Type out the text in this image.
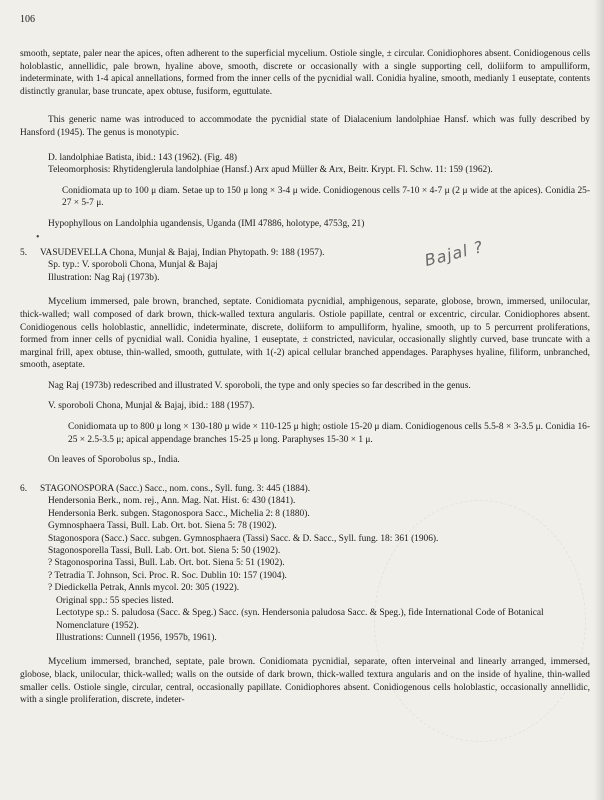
106

smooth, septate, paler near the apices, often adherent to the superficial mycelium. Ostiole single, ± circular. Conidiophores absent. Conidiogenous cells holoblastic, annellidic, pale brown, hyaline above, smooth, discrete or occasionally with a single supporting cell, doliiform to ampulliform, indeterminate, with 1-4 apical annellations, formed from the inner cells of the pycnidial wall. Conidia hyaline, smooth, medianly 1 euseptate, contents distinctly granular, base truncate, apex obtuse, fusiform, eguttulate.

This generic name was introduced to accommodate the pycnidial state of Dialacenium landolphiae Hansf. which was fully described by Hansford (1945). The genus is monotypic.

D. landolphiae Batista, ibid.: 143 (1962). (Fig. 48)

Teleomorphosis: Rhytidenglerula landolphiae (Hansf.) Arx apud Müller & Arx, Beitr. Krypt. Fl. Schw. 11: 159 (1962).

Conidiomata up to 100 μ diam. Setae up to 150 μ long × 3-4 μ wide. Conidiogenous cells 7-10 × 4-7 μ (2 μ wide at the apices). Conidia 25-27 × 5-7 μ.

Hypophyllous on Landolphia ugandensis, Uganda (IMI 47886, holotype, 4753g, 21)

5. VASUDEVELLA Chona, Munjal & Bajaj, Indian Phytopath. 9: 188 (1957).

Sp. typ.: V. sporoboli Chona, Munjal & Bajaj

Illustration: Nag Raj (1973b).

Mycelium immersed, pale brown, branched, septate. Conidiomata pycnidial, amphigenous, separate, globose, brown, immersed, unilocular, thick-walled; wall composed of dark brown, thick-walled textura angularis. Ostiole papillate, central or excentric, circular. Conidiophores absent. Conidiogenous cells holoblastic, annellidic, indeterminate, discrete, doliiform to ampulliform, hyaline, smooth, up to 5 percurrent proliferations, formed from inner cells of pycnidial wall. Conidia hyaline, 1 euseptate, ± constricted, navicular, occasionally slightly curved, base truncate with a marginal frill, apex obtuse, thin-walled, smooth, guttulate, with 1(-2) apical cellular branched appendages. Paraphyses hyaline, filiform, unbranched, smooth, aseptate.

Nag Raj (1973b) redescribed and illustrated V. sporoboli, the type and only species so far described in the genus.

V. sporoboli Chona, Munjal & Bajaj, ibid.: 188 (1957).

Conidiomata up to 800 μ long × 130-180 μ wide × 110-125 μ high; ostiole 15-20 μ diam. Conidiogenous cells 5.5-8 × 3-3.5 μ. Conidia 16-25 × 2.5-3.5 μ; apical appendage branches 15-25 μ long. Paraphyses 15-30 × 1 μ.

On leaves of Sporobolus sp., India.

6. STAGONOSPORA (Sacc.) Sacc., nom. cons., Syll. fung. 3: 445 (1884).

Hendersonia Berk., nom. rej., Ann. Mag. Nat. Hist. 6: 430 (1841).
Hendersonia Berk. subgen. Stagonospora Sacc., Michelia 2: 8 (1880).
Gymnosphaera Tassi, Bull. Lab. Ort. bot. Siena 5: 78 (1902).
Stagonospora (Sacc.) Sacc. subgen. Gymnosphaera (Tassi) Sacc. & D. Sacc., Syll. fung. 18: 361 (1906).
Stagonosporella Tassi, Bull. Lab. Ort. bot. Siena 5: 50 (1902).
? Stagonosporina Tassi, Bull. Lab. Ort. bot. Siena 5: 51 (1902).
? Tetradia T. Johnson, Sci. Proc. R. Soc. Dublin 10: 157 (1904).
? Diedickella Petrak, Annls mycol. 20: 305 (1922).
Original spp.: 55 species listed.
Lectotype sp.: S. paludosa (Sacc. & Speg.) Sacc. (syn. Hendersonia paludosa Sacc. & Speg.), fide International Code of Botanical Nomenclature (1952).
Illustrations: Cunnell (1956, 1957b, 1961).

Mycelium immersed, branched, septate, pale brown. Conidiomata pycnidial, separate, often interveinal and linearly arranged, immersed, globose, black, unilocular, thick-walled; walls on the outside of dark brown, thick-walled textura angularis and on the inside of hyaline, thin-walled smaller cells. Ostiole single, circular, central, occasionally papillate. Conidiophores absent. Conidiogenous cells holoblastic, occasionally annellidic, with a single proliferation, discrete, indeter-

•	Bajal ?
